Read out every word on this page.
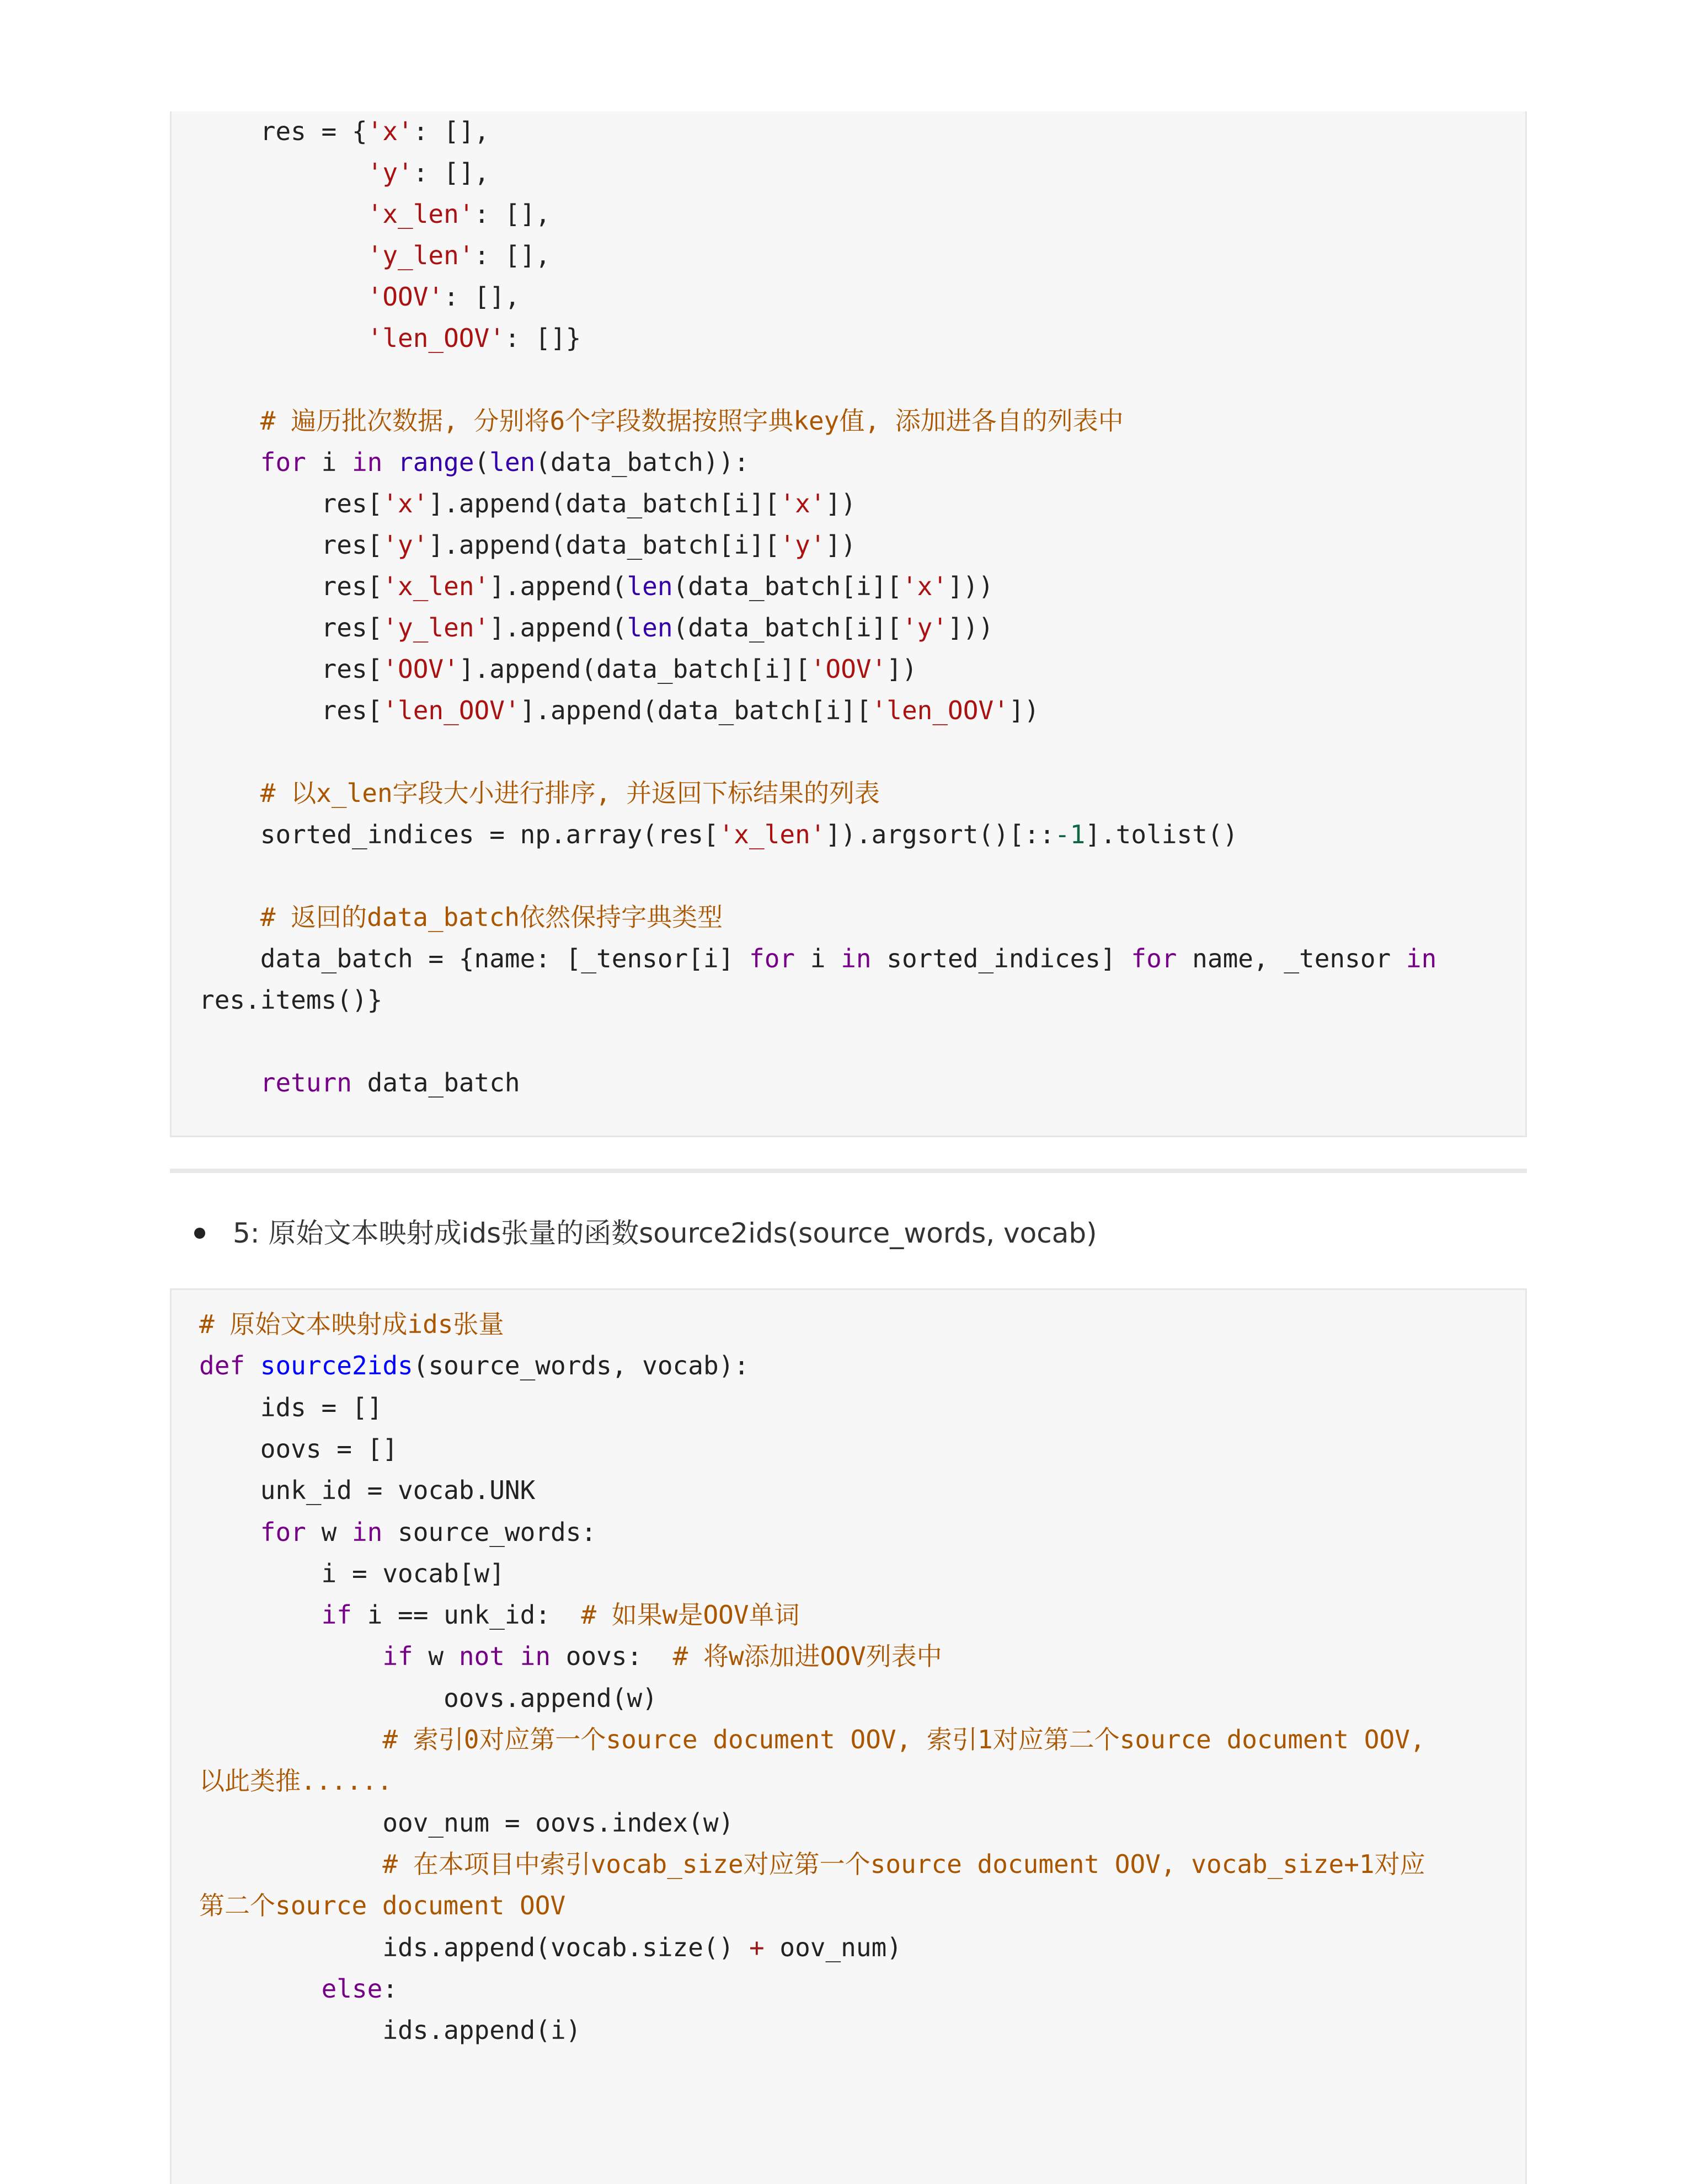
res = {'x': [],
'y': [],
'x_len': [],
'y_len': [],
'OOV': [],
'len_OOV': []}

# 遍历批次数据, 分别将6个字段数据按照字典key值, 添加进各自的列表中
for i in range(len(data_batch)):
res['x'].append(data_batch[i]['x'])
res['y'].append(data_batch[i]['y'])
res['x_len'].append(len(data_batch[i]['x']))
res['y_len'].append(len(data_batch[i]['y']))
res['OOV'].append(data_batch[i]['OOV'])
res['len_OOV'].append(data_batch[i]['len_OOV'])

# 以x_len字段大小进行排序, 并返回下标结果的列表
sorted_indices = np.array(res['x_len']).argsort()[::-1].tolist()

# 返回的data_batch依然保持字典类型
data_batch = {name: [_tensor[i] for i in sorted_indices] for name, _tensor in
res.items()}

return data_batch
5: 原始文本映射成ids张量的函数source2ids(source_words, vocab)
# 原始文本映射成ids张量
def source2ids(source_words, vocab):
ids = []
oovs = []
unk_id = vocab.UNK
for w in source_words:
i = vocab[w]
if i == unk_id:  # 如果w是OOV单词
if w not in oovs:  # 将w添加进OOV列表中
oovs.append(w)
# 索引0对应第一个source document OOV, 索引1对应第二个source document OOV,
以此类推......
oov_num = oovs.index(w)
# 在本项目中索引vocab_size对应第一个source document OOV, vocab_size+1对应
第二个source document OOV
ids.append(vocab.size() + oov_num)
else:
ids.append(i)
